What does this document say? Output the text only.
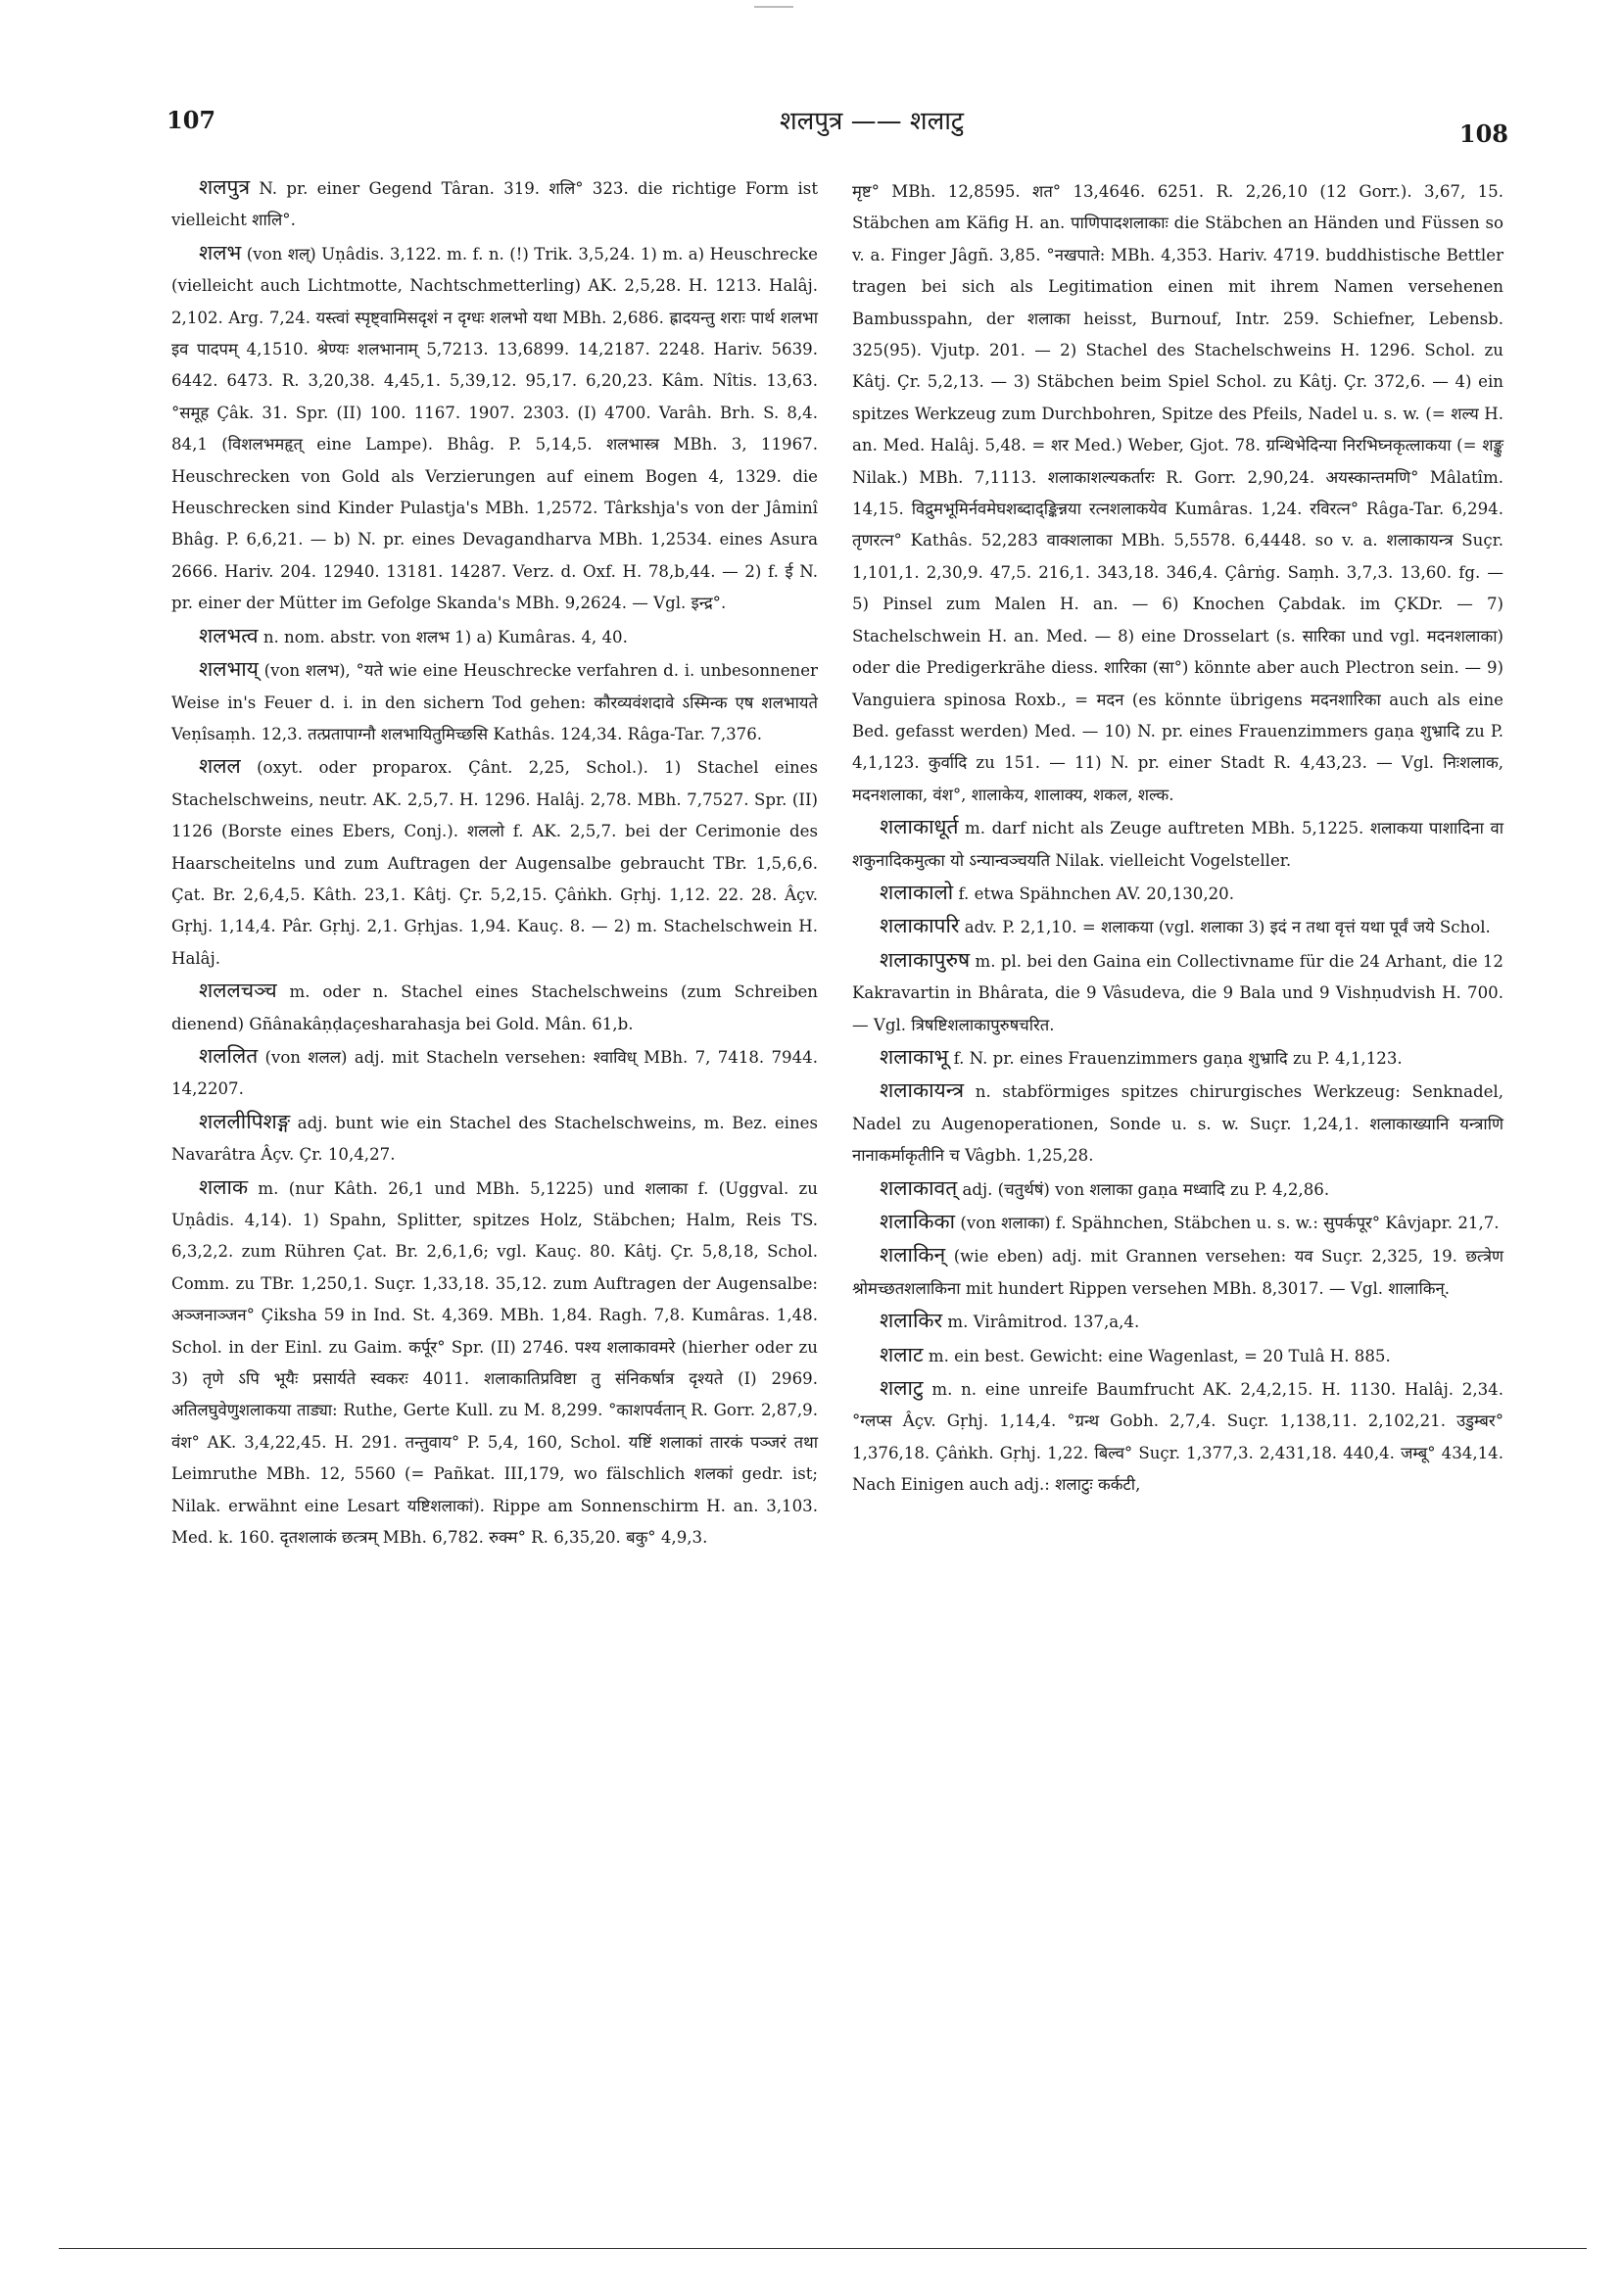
107	शलपुत्र —— शलाटु	108
शलपुत्र N. pr. einer Gegend Târan. 319. शलि° 323. die richtige Form ist vielleicht शालि°.
शलभ (von शल्) Uṇâdis. 3,122. m. f. n. (!) Trik. 3,5,24. 1) m. a) Heuschrecke (vielleicht auch Lichtmotte, Nachtschmetterling) AK. 2,5,28. H. 1213. Halâj. 2,102. Arg. 7,24. यस्त्वां स्पृष्ट्वामिसदृशं न दृग्धः शलभो यथा MBh. 2,686. ह्रादयन्तु शराः पार्थ शलभा इव पादपम् 4,1510. श्रेण्यः शलभानाम् 5,7213. 13,6899. 14,2187. 2248. Hariv. 5639. 6442. 6473. R. 3,20,38. 4,45,1. 5,39,12. 95,17. 6,20,23. Kâm. Nîtis. 13,63. °समूह Çâk. 31. Spr. (II) 100. 1167. 1907. 2303. (I) 4700. Varâh. Brh. S. 8,4. 84,1 (विशलभमहृत् eine Lampe). Bhâg. P. 5,14,5. शलभास्त्र MBh. 3, 11967. Heuschrecken von Gold als Verzierungen auf einem Bogen 4, 1329. die Heuschrecken sind Kinder Pulastja's MBh. 1,2572. Târkshja's von der Jâminî Bhâg. P. 6,6,21. — b) N. pr. eines Devagandharva MBh. 1,2534. eines Asura 2666. Hariv. 204. 12940. 13181. 14287. Verz. d. Oxf. H. 78,b,44. — 2) f. ई N. pr. einer der Mütter im Gefolge Skanda's MBh. 9,2624. — Vgl. इन्द्र°.
शलभत्व n. nom. abstr. von शलभ 1) a) Kumâras. 4, 40.
शलभाय् (von शलभ), °यते wie eine Heuschrecke verfahren d. i. unbesonnener Weise in's Feuer d. i. in den sichern Tod gehen: कौरव्यवंशदावे ऽस्मिन्क एष शलभायते Veṇîsaṃh. 12,3. तत्प्रतापाग्नौ शलभायितुमिच्छसि Kathâs. 124,34. Râga-Tar. 7,376.
शलल (oxyt. oder proparox. Çânt. 2,25, Schol.). 1) Stachel eines Stachelschweins, neutr. AK. 2,5,7. H. 1296. Halâj. 2,78. MBh. 7,7527. Spr. (II) 1126 (Borste eines Ebers, Conj.). शललो f. AK. 2,5,7. bei der Cerimonie des Haarscheitelns und zum Auftragen der Augensalbe gebraucht TBr. 1,5,6,6. Çat. Br. 2,6,4,5. Kâth. 23,1. Kâtj. Çr. 5,2,15. Çâṅkh. Gṛhj. 1,12. 22. 28. Âçv. Gṛhj. 1,14,4. Pâr. Gṛhj. 2,1. Gṛhjas. 1,94. Kauç. 8. — 2) m. Stachelschwein H. Halâj.
शललचञ्च m. oder n. Stachel eines Stachelschweins (zum Schreiben dienend) Gñânakâṇḍaçesharahasja bei Gold. Mân. 61,b.
शललित (von शलल) adj. mit Stacheln versehen: श्वाविध् MBh. 7, 7418. 7944. 14,2207.
शललीपिशङ्ग adj. bunt wie ein Stachel des Stachelschweins, m. Bez. eines Navarâtra Âçv. Çr. 10,4,27.
शलाक m. (nur Kâth. 26,1 und MBh. 5,1225) und शलाका f. (Uggval. zu Uṇâdis. 4,14). 1) Spahn, Splitter, spitzes Holz, Stäbchen; Halm, Reis TS. 6,3,2,2. zum Rühren Çat. Br. 2,6,1,6; vgl. Kauç. 80. Kâtj. Çr. 5,8,18, Schol. Comm. zu TBr. 1,250,1. Suçr. 1,33,18. 35,12. zum Auftragen der Augensalbe: अञ्जनाञ्जन° Çiksha 59 in Ind. St. 4,369. MBh. 1,84. Ragh. 7,8. Kumâras. 1,48. Schol. in der Einl. zu Gaim. कर्पूर° Spr. (II) 2746. पश्य शलाकावमरे (hierher oder zu 3) तृणे ऽपि भूयैः प्रसार्यते स्वकरः 4011. शलाकातिप्रविष्टा तु संनिकर्षात्र दृश्यते (I) 2969. अतिलघुवेणुशलाकया ताड्या: Ruthe, Gerte Kull. zu M. 8,299. °काशपर्वतान् R. Gorr. 2,87,9. वंश° AK. 3,4,22,45. H. 291. तन्तुवाय° P. 5,4, 160, Schol. यष्टिं शलाकां तारकं पञ्जरं तथा Leimruthe MBh. 12, 5560 (= Pañkat. III,179, wo fälschlich शलकां gedr. ist; Nilak. erwähnt eine Lesart यष्टिशलाकां). Rippe am Sonnenschirm H. an. 3,103. Med. k. 160. दृतशलाकं छत्त्रम् MBh. 6,782. रुक्म° R. 6,35,20. बकु° 4,9,3.
मृष्ट° MBh. 12,8595. शत° 13,4646. 6251. R. 2,26,10 (12 Gorr.). 3,67, 15. Stäbchen am Käfig H. an. पाणिपादशलाकाः die Stäbchen an Händen und Füssen so v. a. Finger Jâgñ. 3,85. °नखपाते: MBh. 4,353. Hariv. 4719. buddhistische Bettler tragen bei sich als Legitimation einen mit ihrem Namen versehenen Bambusspahn, der शलाका heisst, Burnouf, Intr. 259. Schiefner, Lebensb. 325(95). Vjutp. 201. — 2) Stachel des Stachelschweins H. 1296. Schol. zu Kâtj. Çr. 5,2,13. — 3) Stäbchen beim Spiel Schol. zu Kâtj. Çr. 372,6. — 4) ein spitzes Werkzeug zum Durchbohren, Spitze des Pfeils, Nadel u. s. w. (= शल्य H. an. Med. Halâj. 5,48. = शर Med.) Weber, Gjot. 78. ग्रन्थिभेदिन्या निरभिघ्नकृत्लाकया (= शङ्कु Nilak.) MBh. 7,1113. शलाकाशल्यकर्तारः R. Gorr. 2,90,24. अयस्कान्तमणि° Mâlatîm. 14,15. विद्रुमभूमिर्नवमेघशब्दाद्ङ्किन्नया रत्नशलाकयेव Kumâras. 1,24. रविरत्न° Râga-Tar. 6,294. तृणरत्न° Kathâs. 52,283 वाक्शलाका MBh. 5,5578. 6,4448. so v. a. शलाकायन्त्र Suçr. 1,101,1. 2,30,9. 47,5. 216,1. 343,18. 346,4. Çârṅg. Saṃh. 3,7,3. 13,60. fg. — 5) Pinsel zum Malen H. an. — 6) Knochen Çabdak. im ÇKDr. — 7) Stachelschwein H. an. Med. — 8) eine Drosselart (s. सारिका und vgl. मदनशलाका) oder die Predigerkrähe diess. शारिका (सा°) könnte aber auch Plectron sein. — 9) Vanguiera spinosa Roxb., = मदन (es könnte übrigens मदनशारिका auch als eine Bed. gefasst werden) Med. — 10) N. pr. eines Frauenzimmers gaṇa शुभ्रादि zu P. 4,1,123. कुर्वादि zu 151. — 11) N. pr. einer Stadt R. 4,43,23. — Vgl. निःशलाक, मदनशलाका, वंश°, शालाकेय, शालाक्य, शकल, शल्क.
शलाकाधूर्त m. darf nicht als Zeuge auftreten MBh. 5,1225. शलाकया पाशादिना वा शकुनादिकमुत्का यो ऽन्यान्वञ्चयति Nilak. vielleicht Vogelsteller.
शलाकालो f. etwa Spähnchen AV. 20,130,20.
शलाकापरि adv. P. 2,1,10. = शलाकया (vgl. शलाका 3) इदं न तथा वृत्तं यथा पूर्वं जये Schol.
शलाकापुरुष m. pl. bei den Gaina ein Collectivname für die 24 Arhant, die 12 Kakravartin in Bhârata, die 9 Vâsudeva, die 9 Bala und 9 Vishṇudvish H. 700. — Vgl. त्रिषष्टिशलाकापुरुषचरित.
शलाकाभू f. N. pr. eines Frauenzimmers gaṇa शुभ्रादि zu P. 4,1,123.
शलाकायन्त्र n. stabförmiges spitzes chirurgisches Werkzeug: Senknadel, Nadel zu Augenoperationen, Sonde u. s. w. Suçr. 1,24,1. शलाकाख्यानि यन्त्राणि नानाकर्माकृतीनि च Vâgbh. 1,25,28.
शलाकावत् adj. (चतुर्थषं) von शलाका gaṇa मध्वादि zu P. 4,2,86.
शलाकिका (von शलाका) f. Spähnchen, Stäbchen u. s. w.: सुपर्कपूर° Kâvjapr. 21,7.
शलाकिन् (wie eben) adj. mit Grannen versehen: यव Suçr. 2,325, 19. छत्त्रेण श्रोमच्छतशलाकिना mit hundert Rippen versehen MBh. 8,3017. — Vgl. शालाकिन्.
शलाकिर m. Virâmitrod. 137,a,4.
शलाट m. ein best. Gewicht: eine Wagenlast, = 20 Tulâ H. 885.
शलाटु m. n. eine unreife Baumfrucht AK. 2,4,2,15. H. 1130. Halâj. 2,34. °ग्लप्स Âçv. Gṛhj. 1,14,4. °ग्रन्थ Gobh. 2,7,4. Suçr. 1,138,11. 2,102,21. उडुम्बर° 1,376,18. Çâṅkh. Gṛhj. 1,22. बिल्व° Suçr. 1,377,3. 2,431,18. 440,4. जम्बू° 434,14. Nach Einigen auch adj.: शलाटुः कर्कटी,
